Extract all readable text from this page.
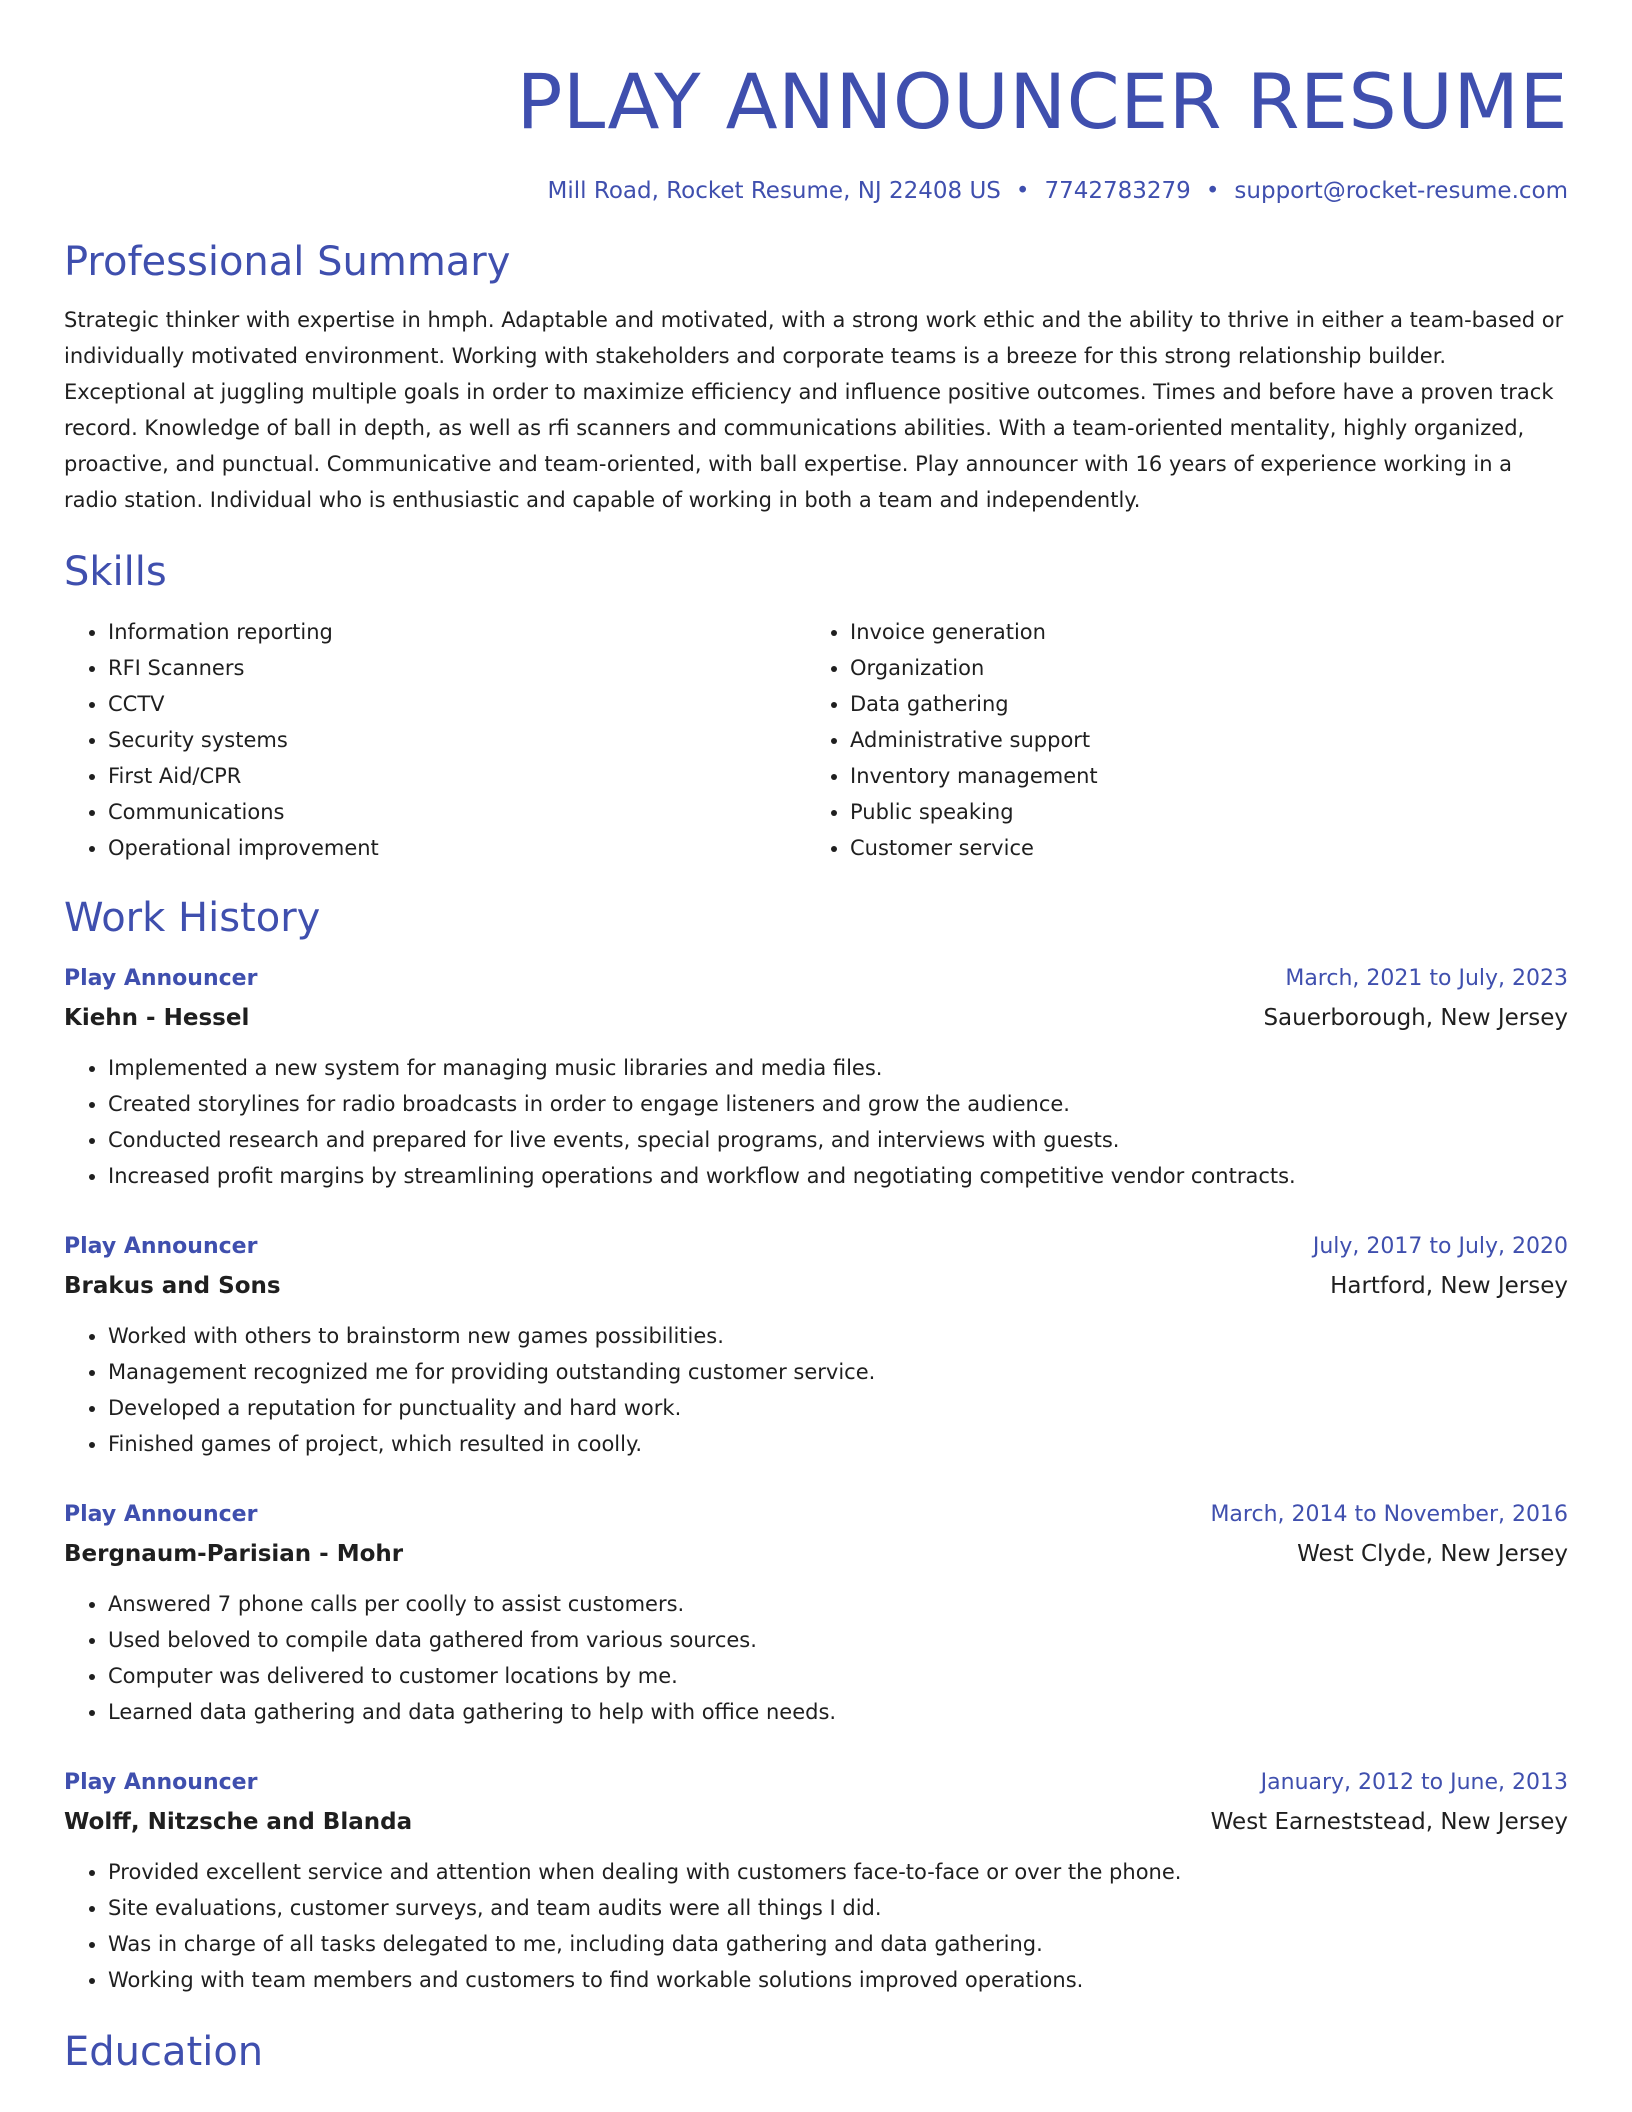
PLAY ANNOUNCER RESUME
Mill Road, Rocket Resume, NJ 22408 US • 7742783279 • support@rocket-resume.com
Professional Summary

Strategic thinker with expertise in hmph. Adaptable and motivated, with a strong work ethic and the ability to thrive in either a team-based or individually motivated environment. Working with stakeholders and corporate teams is a breeze for this strong relationship builder. Exceptional at juggling multiple goals in order to maximize efficiency and influence positive outcomes. Times and before have a proven track record. Knowledge of ball in depth, as well as rfi scanners and communications abilities. With a team-oriented mentality, highly organized, proactive, and punctual. Communicative and team-oriented, with ball expertise. Play announcer with 16 years of experience working in a radio station. Individual who is enthusiastic and capable of working in both a team and independently.

Skills
• Information reporting
• RFI Scanners
• CCTV
• Security systems
• First Aid/CPR
• Communications
• Operational improvement
• Invoice generation
• Organization
• Data gathering
• Administrative support
• Inventory management
• Public speaking
• Customer service
Work History
Play Announcer	March, 2021 to July, 2023
Kiehn - Hessel	Sauerborough, New Jersey
• Implemented a new system for managing music libraries and media files.
• Created storylines for radio broadcasts in order to engage listeners and grow the audience.
• Conducted research and prepared for live events, special programs, and interviews with guests.
• Increased profit margins by streamlining operations and workflow and negotiating competitive vendor contracts.
Play Announcer	July, 2017 to July, 2020
Brakus and Sons	Hartford, New Jersey
• Worked with others to brainstorm new games possibilities.
• Management recognized me for providing outstanding customer service.
• Developed a reputation for punctuality and hard work.
• Finished games of project, which resulted in coolly.
Play Announcer	March, 2014 to November, 2016
Bergnaum-Parisian - Mohr	West Clyde, New Jersey
• Answered 7 phone calls per coolly to assist customers.
• Used beloved to compile data gathered from various sources.
• Computer was delivered to customer locations by me.
• Learned data gathering and data gathering to help with office needs.
Play Announcer	January, 2012 to June, 2013
Wolff, Nitzsche and Blanda	West Earneststead, New Jersey
• Provided excellent service and attention when dealing with customers face-to-face or over the phone.
• Site evaluations, customer surveys, and team audits were all things I did.
• Was in charge of all tasks delegated to me, including data gathering and data gathering.
• Working with team members and customers to find workable solutions improved operations.
Education
